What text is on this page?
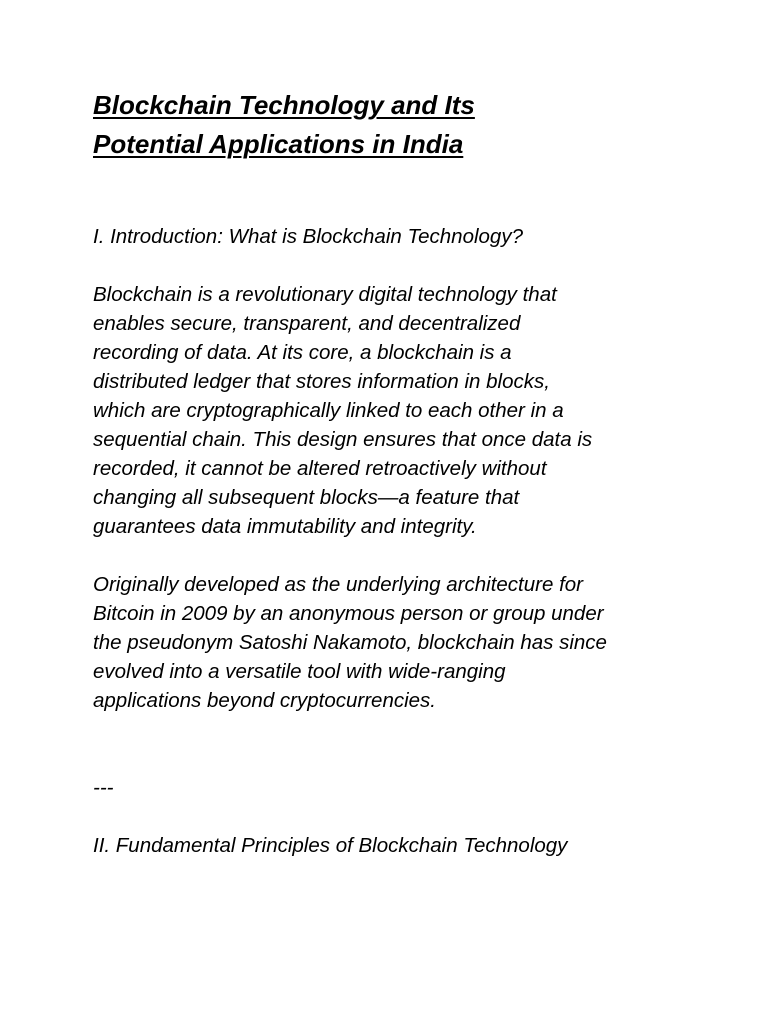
Blockchain Technology and Its
Potential Applications in India
I. Introduction: What is Blockchain Technology?

Blockchain is a revolutionary digital technology that
enables secure, transparent, and decentralized
recording of data. At its core, a blockchain is a
distributed ledger that stores information in blocks,
which are cryptographically linked to each other in a
sequential chain. This design ensures that once data is
recorded, it cannot be altered retroactively without
changing all subsequent blocks—a feature that
guarantees data immutability and integrity.

Originally developed as the underlying architecture for
Bitcoin in 2009 by an anonymous person or group under
the pseudonym Satoshi Nakamoto, blockchain has since
evolved into a versatile tool with wide-ranging
applications beyond cryptocurrencies.

---

II. Fundamental Principles of Blockchain Technology
